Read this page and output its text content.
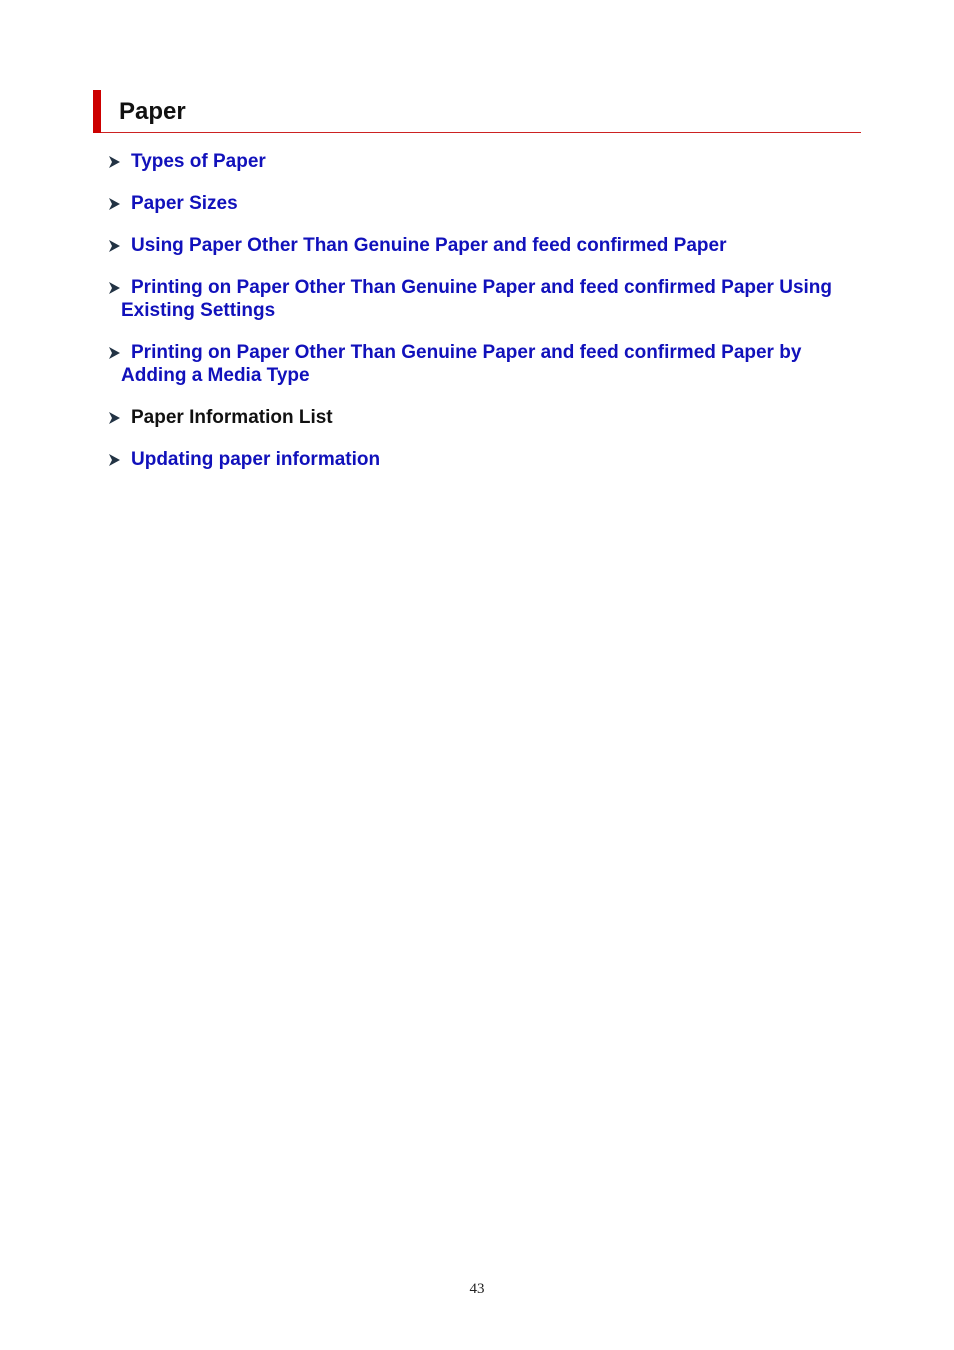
Paper
Types of Paper
Paper Sizes
Using Paper Other Than Genuine Paper and feed confirmed Paper
Printing on Paper Other Than Genuine Paper and feed confirmed Paper Using Existing Settings
Printing on Paper Other Than Genuine Paper and feed confirmed Paper by Adding a Media Type
Paper Information List
Updating paper information
43
